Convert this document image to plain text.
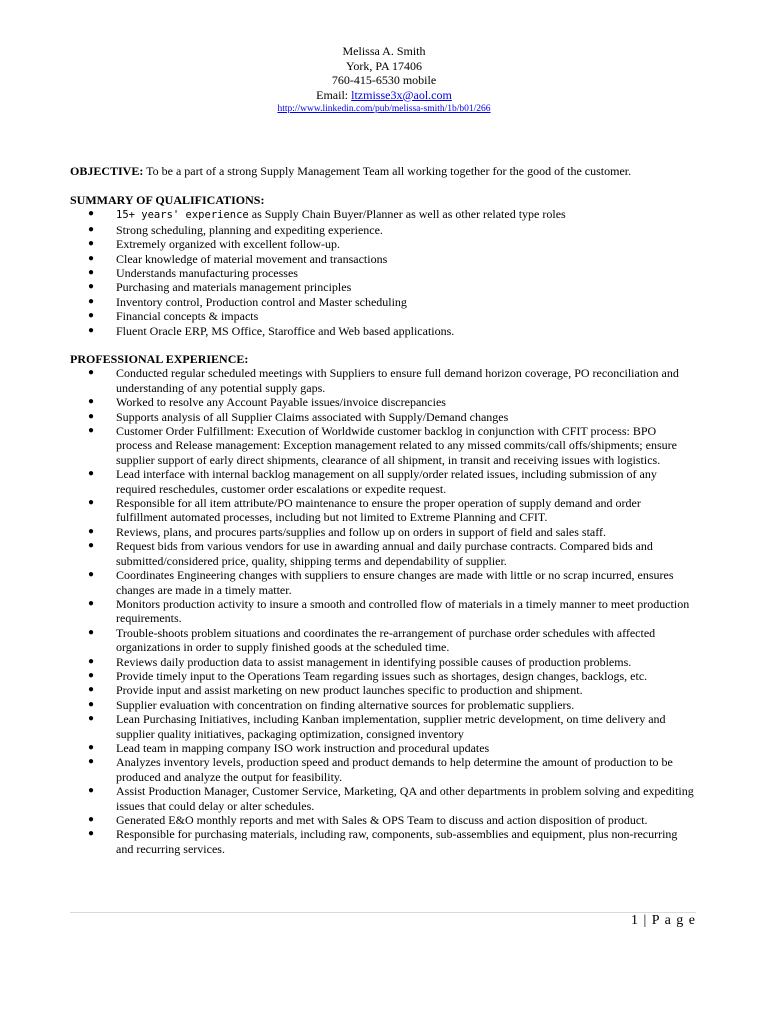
Melissa A. Smith
York, PA 17406
760-415-6530 mobile
Email: ltzmisse3x@aol.com
http://www.linkedin.com/pub/melissa-smith/1b/b01/266
OBJECTIVE: To be a part of a strong Supply Management Team all working together for the good of the customer.
SUMMARY OF QUALIFICATIONS:
● 15+ years' experience as Supply Chain Buyer/Planner as well as other related type roles
● Strong scheduling, planning and expediting experience.
● Extremely organized with excellent follow-up.
● Clear knowledge of material movement and transactions
● Understands manufacturing processes
● Purchasing and materials management principles
● Inventory control, Production control and Master scheduling
● Financial concepts & impacts
● Fluent Oracle ERP, MS Office, Staroffice and Web based applications.
PROFESSIONAL EXPERIENCE:
● Conducted regular scheduled meetings with Suppliers to ensure full demand horizon coverage, PO reconciliation and understanding of any potential supply gaps.
● Worked to resolve any Account Payable issues/invoice discrepancies
● Supports analysis of all Supplier Claims associated with Supply/Demand changes
● Customer Order Fulfillment: Execution of Worldwide customer backlog in conjunction with CFIT process: BPO process and Release management: Exception management related to any missed commits/call offs/shipments; ensure supplier support of early direct shipments, clearance of all shipment, in transit and receiving issues with logistics.
● Lead interface with internal backlog management on all supply/order related issues, including submission of any required reschedules, customer order escalations or expedite request.
● Responsible for all item attribute/PO maintenance to ensure the proper operation of supply demand and order fulfillment automated processes, including but not limited to Extreme Planning and CFIT.
● Reviews, plans, and procures parts/supplies and follow up on orders in support of field and sales staff.
● Request bids from various vendors for use in awarding annual and daily purchase contracts. Compared bids and submitted/considered price, quality, shipping terms and dependability of supplier.
● Coordinates Engineering changes with suppliers to ensure changes are made with little or no scrap incurred, ensures changes are made in a timely matter.
● Monitors production activity to insure a smooth and controlled flow of materials in a timely manner to meet production requirements.
● Trouble-shoots problem situations and coordinates the re-arrangement of purchase order schedules with affected organizations in order to supply finished goods at the scheduled time.
● Reviews daily production data to assist management in identifying possible causes of production problems.
● Provide timely input to the Operations Team regarding issues such as shortages, design changes, backlogs, etc.
● Provide input and assist marketing on new product launches specific to production and shipment.
● Supplier evaluation with concentration on finding alternative sources for problematic suppliers.
● Lean Purchasing Initiatives, including Kanban implementation, supplier metric development, on time delivery and supplier quality initiatives, packaging optimization, consigned inventory
● Lead team in mapping company ISO work instruction and procedural updates
● Analyzes inventory levels, production speed and product demands to help determine the amount of production to be produced and analyze the output for feasibility.
● Assist Production Manager, Customer Service, Marketing, QA and other departments in problem solving and expediting issues that could delay or alter schedules.
● Generated E&O monthly reports and met with Sales & OPS Team to discuss and action disposition of product.
● Responsible for purchasing materials, including raw, components, sub-assemblies and equipment, plus non-recurring and recurring services.
1 | P a g e
